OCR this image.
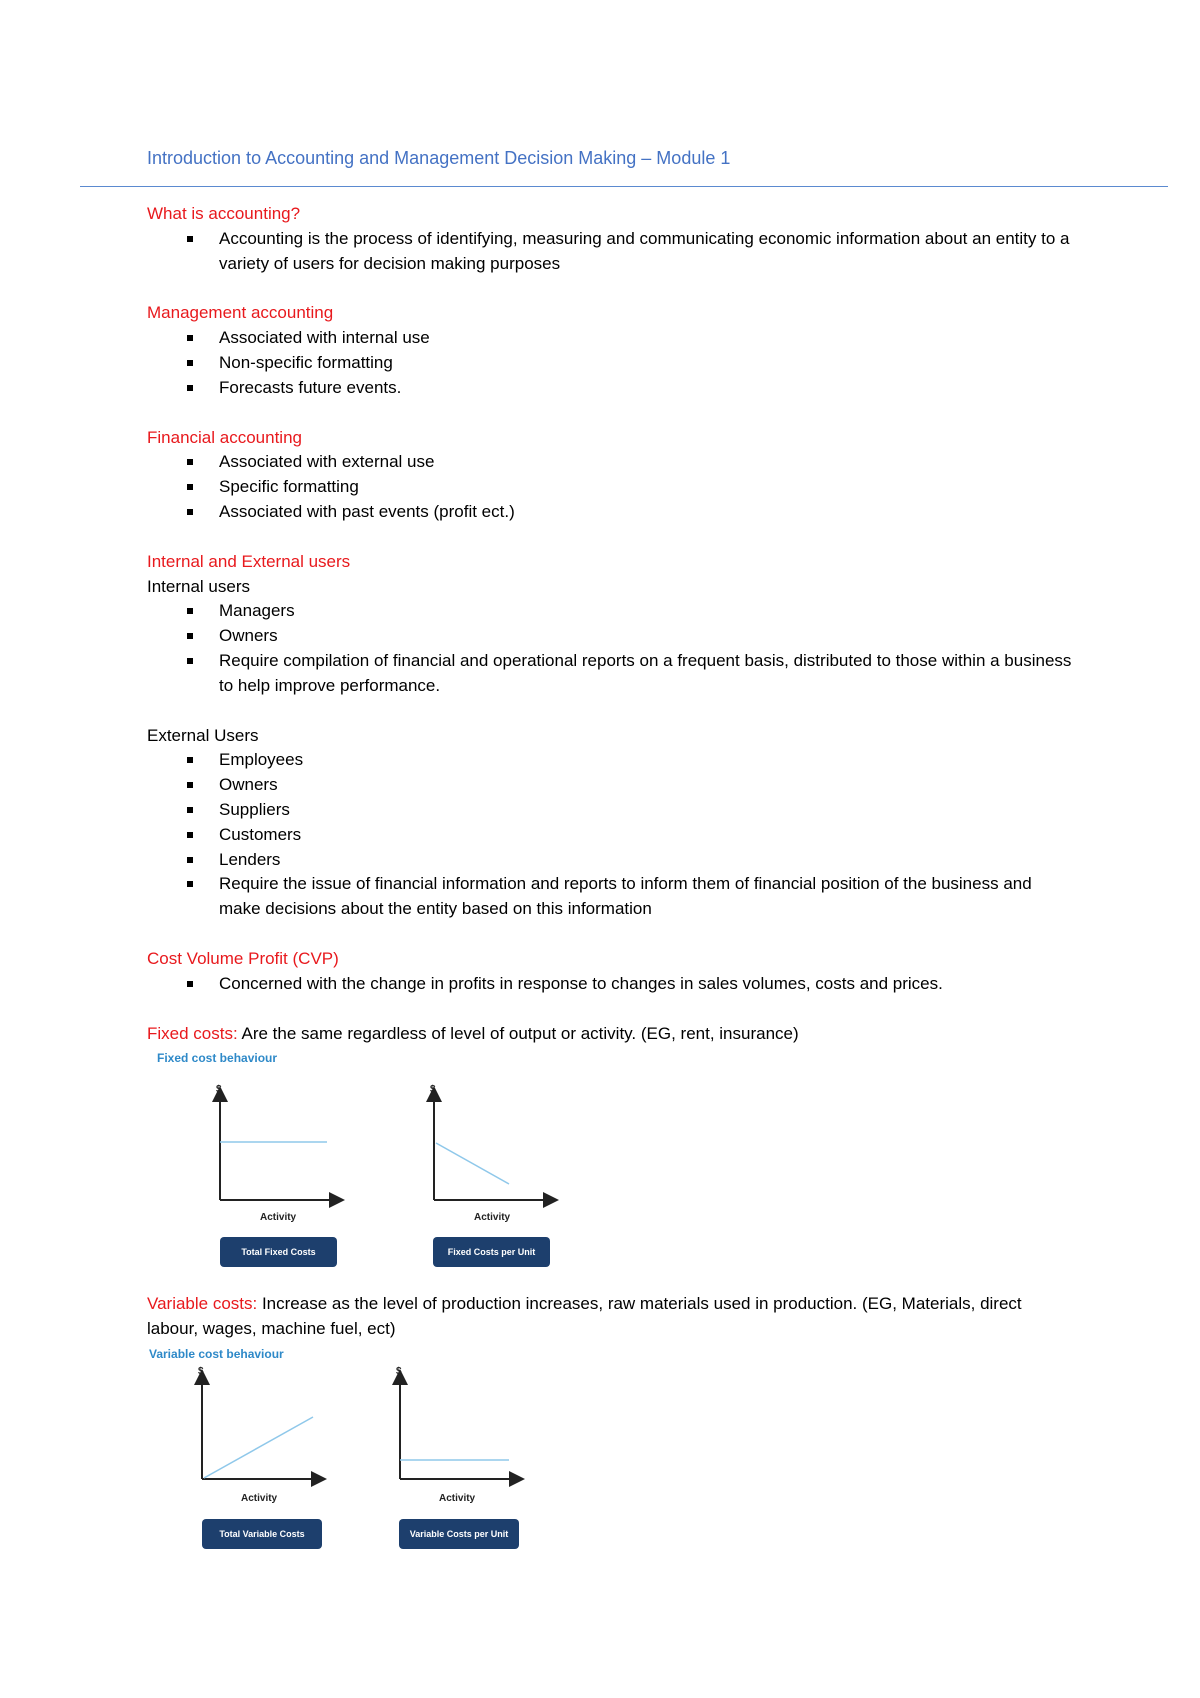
Introduction to Accounting and Management Decision Making – Module 1
What is accounting?
Accounting is the process of identifying, measuring and communicating economic information about an entity to a variety of users for decision making purposes
Management accounting
Associated with internal use
Non-specific formatting
Forecasts future events.
Financial accounting
Associated with external use
Specific formatting
Associated with past events (profit ect.)
Internal and External users
Internal users
Managers
Owners
Require compilation of financial and operational reports on a frequent basis, distributed to those within a business to help improve performance.
External Users
Employees
Owners
Suppliers
Customers
Lenders
Require the issue of financial information and reports to inform them of financial position of the business and make decisions about the entity based on this information
Cost Volume Profit (CVP)
Concerned with the change in profits in response to changes in sales volumes, costs and prices.
Fixed costs: Are the same regardless of level of output or activity. (EG, rent, insurance)
Fixed cost behaviour
$	$
Activity	Activity
Total Fixed Costs	Fixed Costs per Unit
Variable costs: Increase as the level of production increases, raw materials used in production. (EG, Materials, direct labour, wages, machine fuel, ect)
Variable cost behaviour
$	$
Activity	Activity
Total Variable Costs	Variable Costs per Unit
